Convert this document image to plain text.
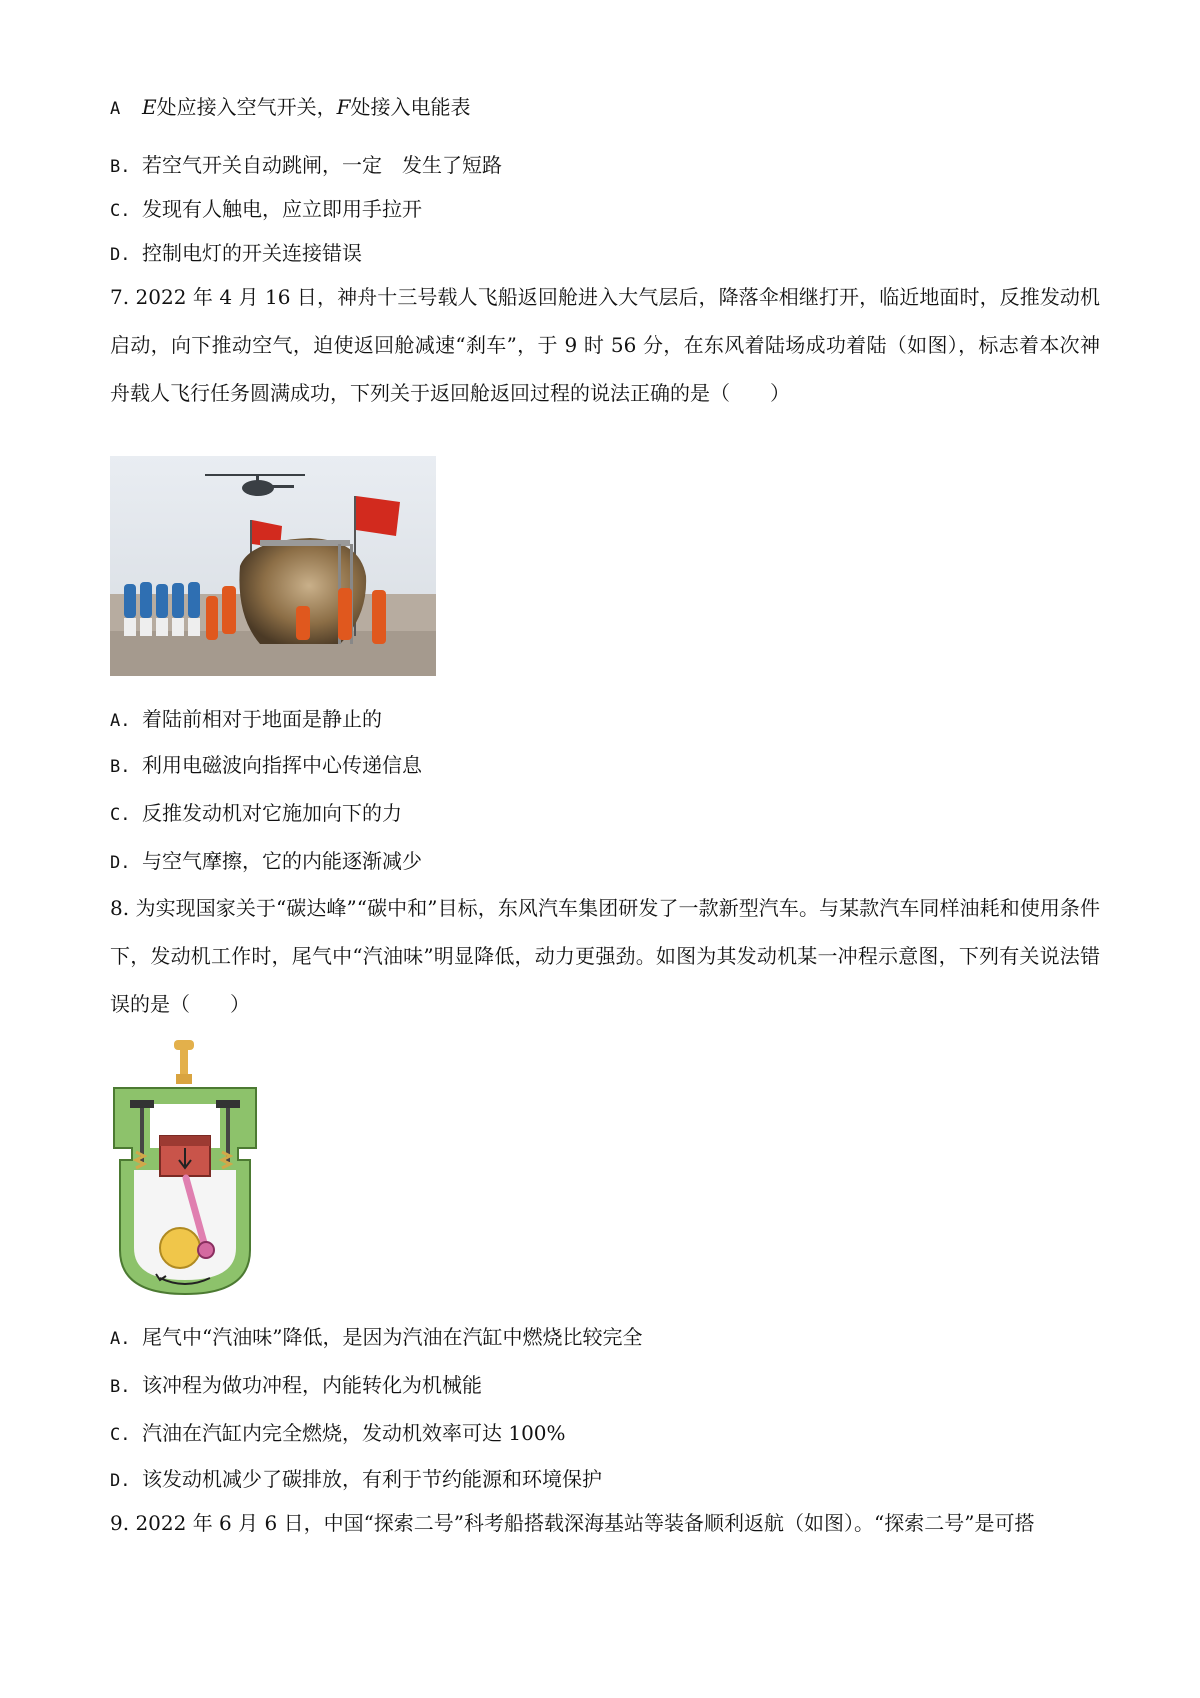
A E处应接入空气开关，F处接入电能表
B. 若空气开关自动跳闸，一定　发生了短路
C. 发现有人触电，应立即用手拉开
D. 控制电灯的开关连接错误
7. 2022 年 4 月 16 日，神舟十三号载人飞船返回舱进入大气层后，降落伞相继打开，临近地面时，反推发动机启动，向下推动空气，迫使返回舱减速“刹车”，于 9 时 56 分，在东风着陆场成功着陆（如图），标志着本次神舟载人飞行任务圆满成功，下列关于返回舱返回过程的说法正确的是（　　）
A. 着陆前相对于地面是静止的
B. 利用电磁波向指挥中心传递信息
C. 反推发动机对它施加向下的力
D. 与空气摩擦，它的内能逐渐减少
8. 为实现国家关于“碳达峰”“碳中和”目标，东风汽车集团研发了一款新型汽车。与某款汽车同样油耗和使用条件下，发动机工作时，尾气中“汽油味”明显降低，动力更强劲。如图为其发动机某一冲程示意图，下列有关说法错误的是（　　）
A. 尾气中“汽油味”降低，是因为汽油在汽缸中燃烧比较完全
B. 该冲程为做功冲程，内能转化为机械能
C. 汽油在汽缸内完全燃烧，发动机效率可达 100%
D. 该发动机减少了碳排放，有利于节约能源和环境保护
9. 2022 年 6 月 6 日，中国“探索二号”科考船搭载深海基站等装备顺利返航（如图）。“探索二号”是可搭
